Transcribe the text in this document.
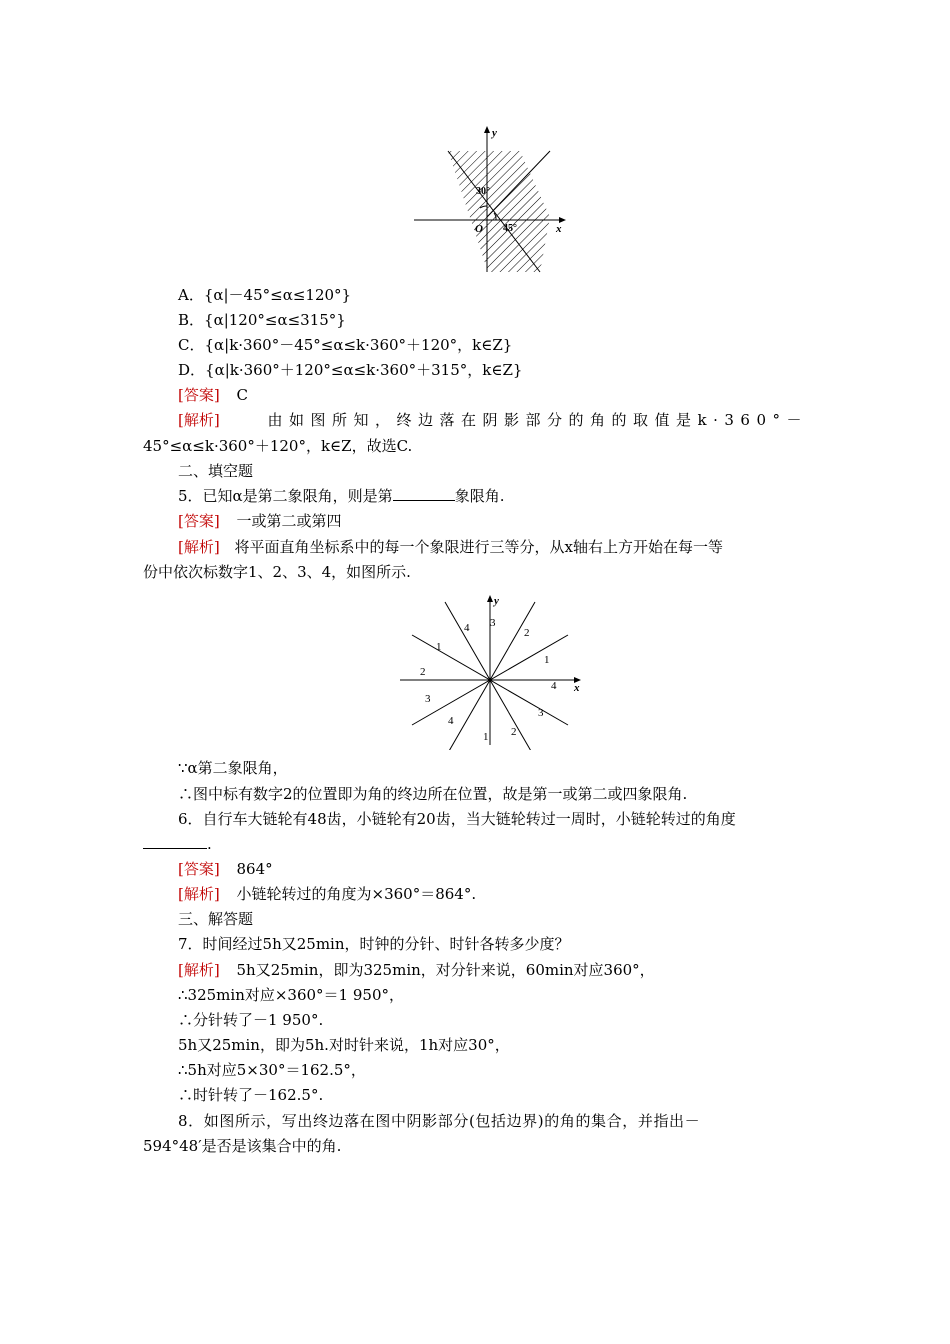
y
x
O
30°
45°
A．{α|－45°≤α≤120°}
B．{α|120°≤α≤315°}
C．{α|k·360°－45°≤α≤k·360°＋120°，k∈Z}
D．{α|k·360°＋120°≤α≤k·360°＋315°，k∈Z}
[答案] C
[解析]	由如图所知，终边落在阴影部分的角的取值是k·360°－
45°≤α≤k·360°＋120°，k∈Z，故选C.
二、填空题
5．已知α是第二象限角，则是第	象限角.
[答案] 一或第二或第四
[解析] 将平面直角坐标系中的每一个象限进行三等分，从x轴右上方开始在每一等
份中依次标数字1、2、3、4，如图所示.
3
2
1
4
3
2
1
4
1
2
3
4
y
x
∵α第二象限角，
∴图中标有数字2的位置即为角的终边所在位置，故是第一或第二或四象限角.
6．自行车大链轮有48齿，小链轮有20齿，当大链轮转过一周时，小链轮转过的角度
.
[答案] 864°
[解析] 小链轮转过的角度为×360°＝864°.
三、解答题
7．时间经过5h又25min，时钟的分针、时针各转多少度？
[解析] 5h又25min，即为325min，对分针来说，60min对应360°，
∴325min对应×360°＝1 950°，
∴分针转了－1 950°.
5h又25min，即为5h.对时针来说，1h对应30°，
∴5h对应5×30°＝162.5°，
∴时针转了－162.5°.
8．如图所示，写出终边落在图中阴影部分(包括边界)的角的集合，并指出－
594°48′是否是该集合中的角.
